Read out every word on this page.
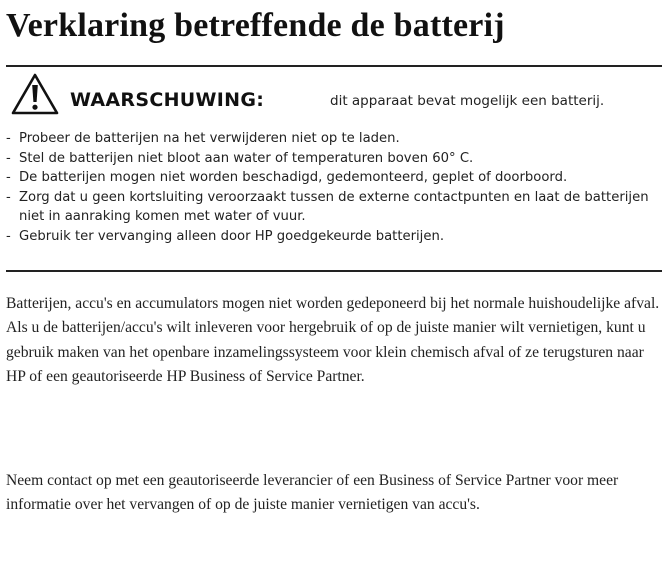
Verklaring betreffende de batterij
WAARSCHUWING:	dit apparaat bevat mogelijk een batterij.
- Probeer de batterijen na het verwijderen niet op te laden.
- Stel de batterijen niet bloot aan water of temperaturen boven 60° C.
- De batterijen mogen niet worden beschadigd, gedemonteerd, geplet of doorboord.
- Zorg dat u geen kortsluiting veroorzaakt tussen de externe contactpunten en laat de batterijen niet in aanraking komen met water of vuur.
- Gebruik ter vervanging alleen door HP goedgekeurde batterijen.

Batterijen, accu's en accumulators mogen niet worden gedeponeerd bij het normale huishoudelijke afval. Als u de batterijen/accu's wilt inleveren voor hergebruik of op de juiste manier wilt vernietigen, kunt u gebruik maken van het openbare inzamelingssysteem voor klein chemisch afval of ze terugsturen naar HP of een geautoriseerde HP Business of Service Partner.

Neem contact op met een geautoriseerde leverancier of een Business of Service Partner voor meer informatie over het vervangen of op de juiste manier vernietigen van accu's.
